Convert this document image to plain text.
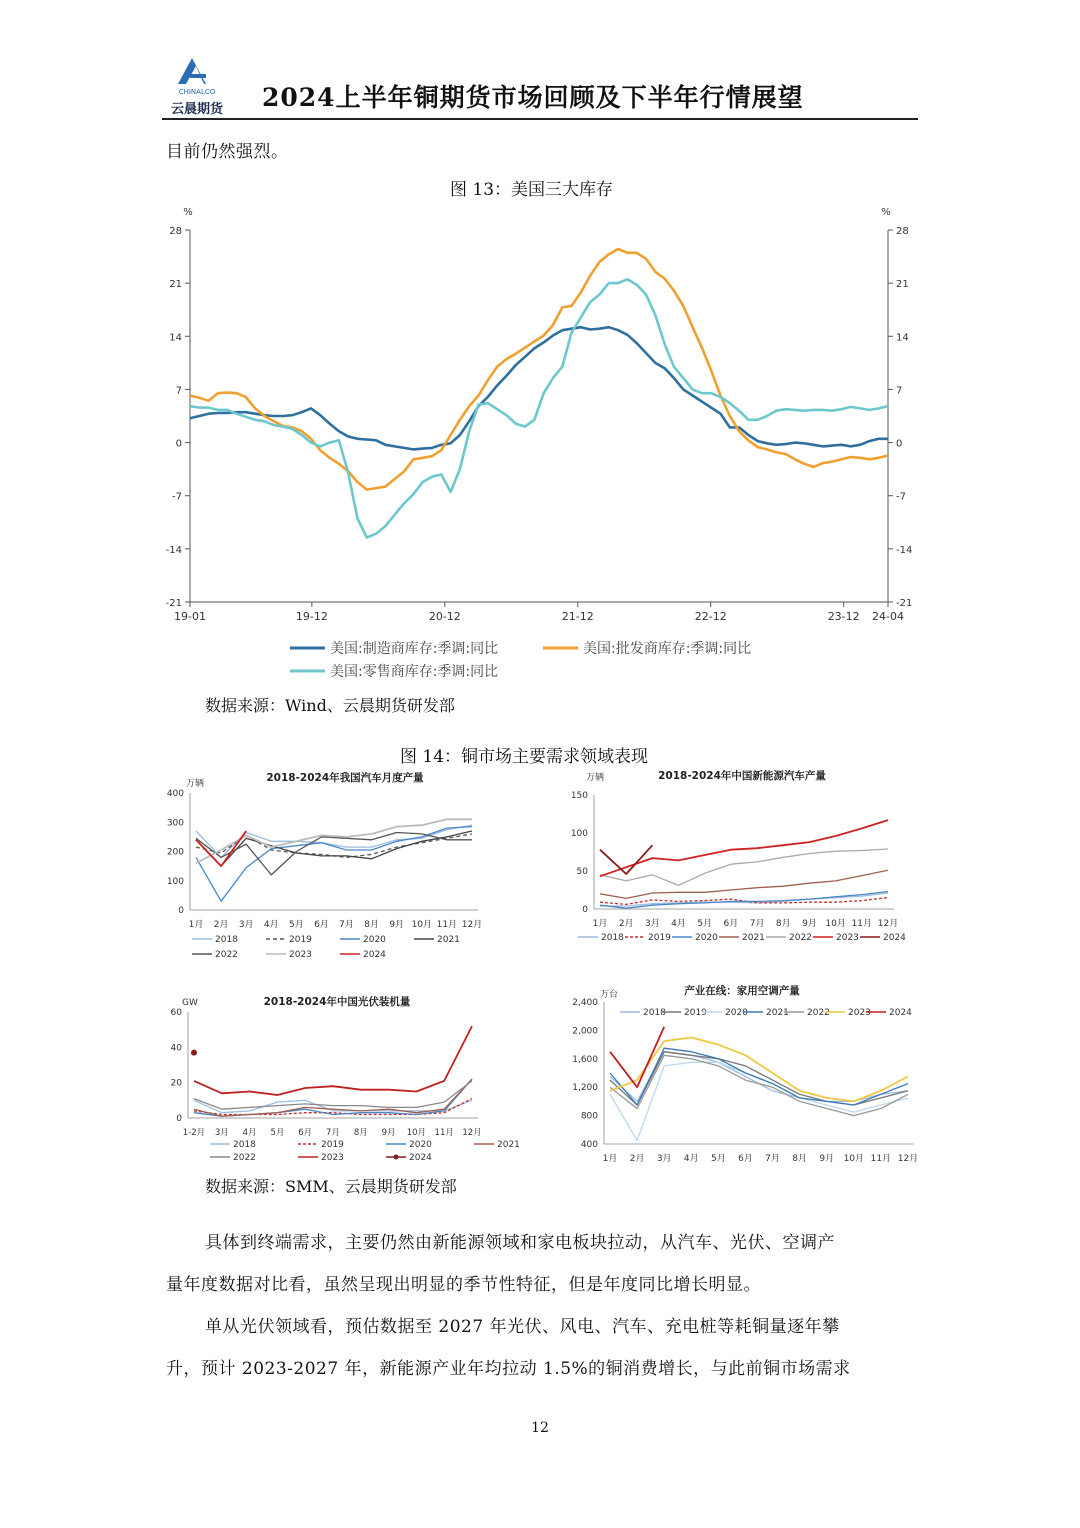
CHINALCO
云晨期货	2024上半年铜期货市场回顾及下半年行情展望
目前仍然强烈。
图 13：美国三大库存
%	%
28	28
21	21
14	14
7	7
0	0
-7	-7
-14	-14
-21	-21
19-01	19-12	20-12	21-12	22-12	23-12 24-04
美国:制造商库存:季调:同比	美国:批发商库存:季调:同比
美国:零售商库存:季调:同比
数据来源：Wind、云晨期货研发部
图 14：铜市场主要需求领域表现
2018-2024年我国汽车月度产量
万辆
400
300
200
100
0
1月 2月 3月 4月 5月 6月 7月 8月 9月 10月 11月 12月
2018	2019	2020	2021
2022	2023	2024
2018-2024年中国新能源汽车产量
万辆
150
100
50
0
1月 2月 3月 4月 5月 6月 7月 8月 9月 10月 11月 12月
2018	2019	2020	2021	2022	2023	2024
2018-2024年中国光伏装机量
GW
60
40
20
0
1-2月 3月 4月 5月 6月 7月 8月 9月 10月 11月 12月
2018	2019	2020	2021
2022	2023	2024
产业在线：家用空调产量
万台
2,400
2,000
1,600
1,200
800
400
1月 2月 3月 4月 5月 6月 7月 8月 9月 10月 11月 12月
2018 2019 2020 2021 2022 2023 2024
数据来源：SMM、云晨期货研发部
具体到终端需求，主要仍然由新能源领域和家电板块拉动，从汽车、光伏、空调产
量年度数据对比看，虽然呈现出明显的季节性特征，但是年度同比增长明显。
单从光伏领域看，预估数据至 2027 年光伏、风电、汽车、充电桩等耗铜量逐年攀
升，预计 2023-2027 年，新能源产业年均拉动 1.5%的铜消费增长，与此前铜市场需求
12
